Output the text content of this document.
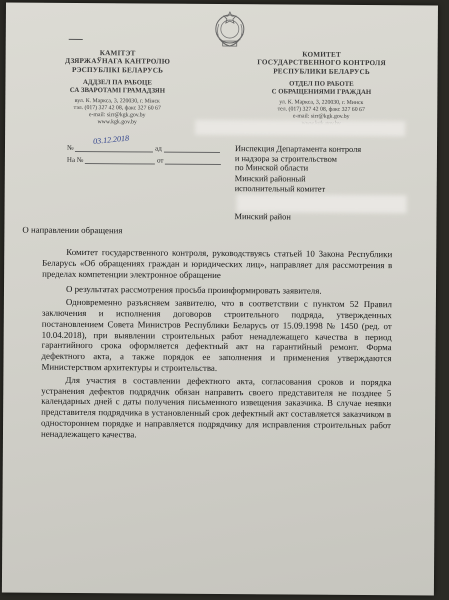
КАМІТЭТ
ДЗЯРЖАЎНАГА КАНТРОЛЮ
РЭСПУБЛІКІ БЕЛАРУСЬ
АДДЗЕЛ ПА РАБОЦЕ
СА ЗВАРОТАМІ ГРАМАДЗЯН
вул. К. Маркса, 3, 220030, г. Мінск
тэл. (017) 327 42 08, факс 327 60 67
e-mail: sirr@kgk.gov.by
www.kgk.gov.by
КОМИТЕТ
ГОСУДАРСТВЕННОГО КОНТРОЛЯ
РЕСПУБЛИКИ БЕЛАРУСЬ
ОТДЕЛ ПО РАБОТЕ
С ОБРАЩЕНИЯМИ ГРАЖДАН
ул. К. Маркса, 3, 220030, г. Минск
тел. (017) 327 42 08, факс 327 60 67
e-mail: sirr@kgk.gov.by
03.12.2018
№	ад
На №	от
Инспекция Департамента контроля
и надзора за строительством
по Минской области
Минский районный
исполнительный комитет
Минский район
О направлении обращения

Комитет государственного контроля, руководствуясь статьей 10 Закона Республики Беларусь «Об обращениях граждан и юридических лиц», направляет для рассмотрения в пределах компетенции электронное обращение

О результатах рассмотрения просьба проинформировать заявителя.

Одновременно разъясняем заявителю, что в соответствии с пунктом 52 Правил заключения и исполнения договоров строительного подряда, утвержденных постановлением Совета Министров Республики Беларусь от 15.09.1998 № 1450 (ред. от 10.04.2018), при выявлении строительных работ ненадлежащего качества в период гарантийного срока оформляется дефектный акт на гарантийный ремонт. Форма дефектного акта, а также порядок ее заполнения и применения утверждаются Министерством архитектуры и строительства.

Для участия в составлении дефектного акта, согласования сроков и порядка устранения дефектов подрядчик обязан направить своего представителя не позднее 5 календарных дней с даты получения письменного извещения заказчика. В случае неявки представителя подрядчика в установленный срок дефектный акт составляется заказчиком в одностороннем порядке и направляется подрядчику для исправления строительных работ ненадлежащего качества.
